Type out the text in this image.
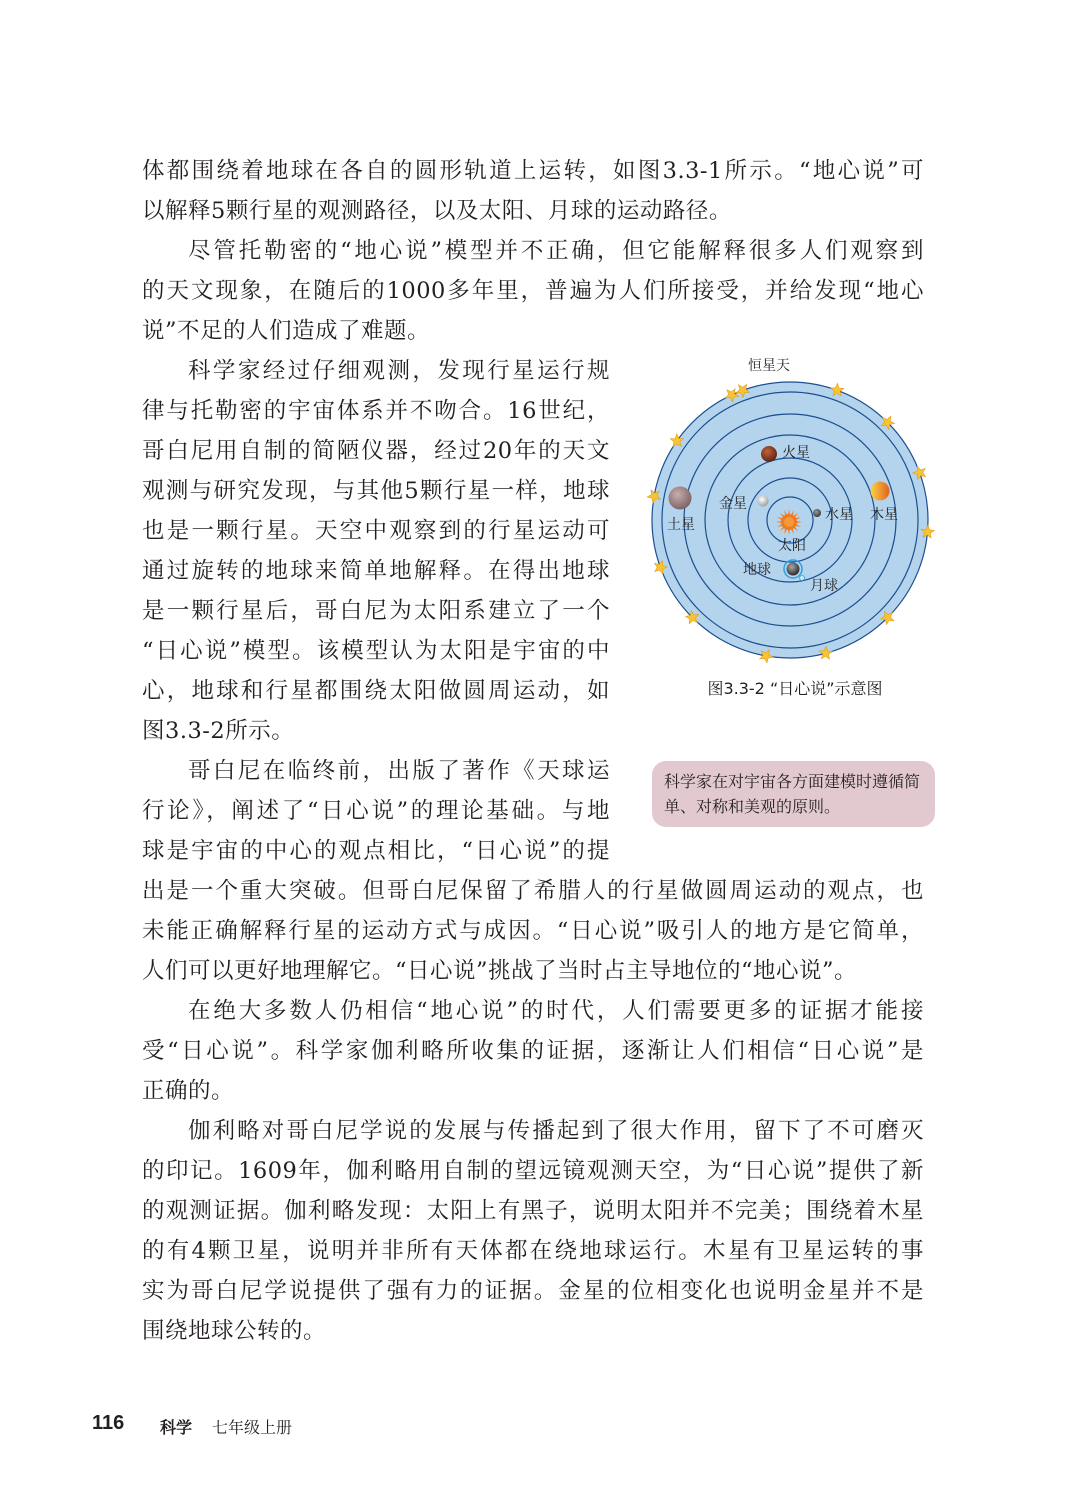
体都围绕着地球在各自的圆形轨道上运转，如图3.3-1所示。“地心说”可
以解释5颗行星的观测路径，以及太阳、月球的运动路径。
尽管托勒密的“地心说”模型并不正确，但它能解释很多人们观察到
的天文现象，在随后的1000多年里，普遍为人们所接受，并给发现“地心
说”不足的人们造成了难题。
科学家经过仔细观测，发现行星运行规
律与托勒密的宇宙体系并不吻合。16世纪，
哥白尼用自制的简陋仪器，经过20年的天文
观测与研究发现，与其他5颗行星一样，地球
也是一颗行星。天空中观察到的行星运动可
通过旋转的地球来简单地解释。在得出地球
是一颗行星后，哥白尼为太阳系建立了一个
“日心说”模型。该模型认为太阳是宇宙的中
心，地球和行星都围绕太阳做圆周运动，如
图3.3-2所示。
哥白尼在临终前，出版了著作《天球运
行论》，阐述了“日心说”的理论基础。与地
球是宇宙的中心的观点相比，“日心说”的提
出是一个重大突破。但哥白尼保留了希腊人的行星做圆周运动的观点，也
未能正确解释行星的运动方式与成因。“日心说”吸引人的地方是它简单，
人们可以更好地理解它。“日心说”挑战了当时占主导地位的“地心说”。
在绝大多数人仍相信“地心说”的时代，人们需要更多的证据才能接
受“日心说”。科学家伽利略所收集的证据，逐渐让人们相信“日心说”是
正确的。
伽利略对哥白尼学说的发展与传播起到了很大作用，留下了不可磨灭
的印记。1609年，伽利略用自制的望远镜观测天空，为“日心说”提供了新
的观测证据。伽利略发现：太阳上有黑子，说明太阳并不完美；围绕着木星
的有4颗卫星，说明并非所有天体都在绕地球运行。木星有卫星运转的事
实为哥白尼学说提供了强有力的证据。金星的位相变化也说明金星并不是
围绕地球公转的。
恒星天
火星
金星
水星 木星
土星
太阳
地球
月球
图3.3-2 “日心说”示意图
科学家在对宇宙各方面建模时遵循简单、对称和美观的原则。
116 科学 七年级上册
